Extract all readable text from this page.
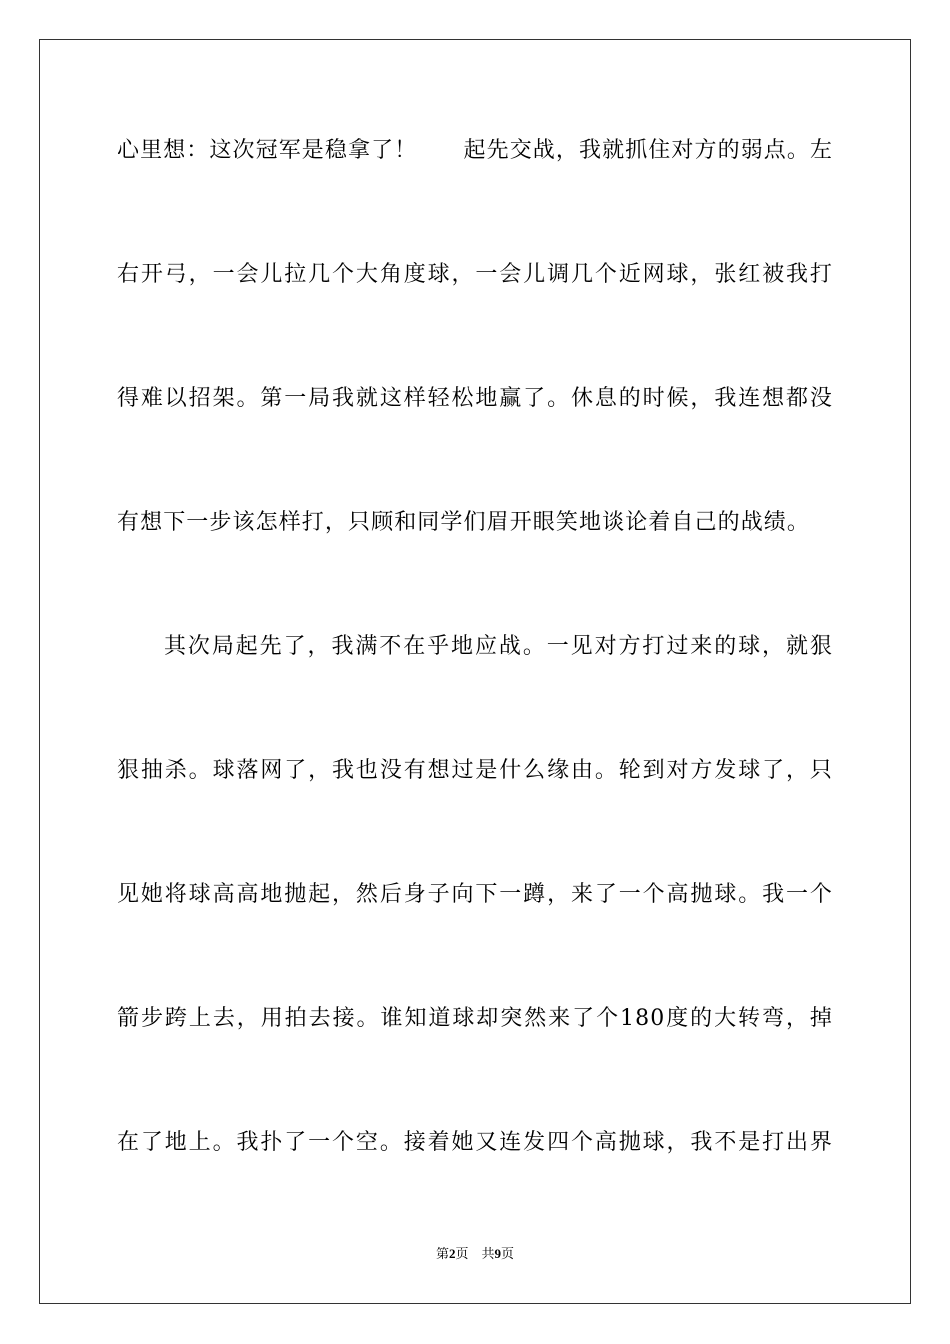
心里想：这次冠军是稳拿了！　　起先交战，我就抓住对方的弱点。左
右开弓，一会儿拉几个大角度球，一会儿调几个近网球，张红被我打
得难以招架。第一局我就这样轻松地赢了。休息的时候，我连想都没
有想下一步该怎样打，只顾和同学们眉开眼笑地谈论着自己的战绩。
其次局起先了，我满不在乎地应战。一见对方打过来的球，就狠
狠抽杀。球落网了，我也没有想过是什么缘由。轮到对方发球了，只
见她将球高高地抛起，然后身子向下一蹲，来了一个高抛球。我一个
箭步跨上去，用拍去接。谁知道球却突然来了个180度的大转弯，掉
在了地上。我扑了一个空。接着她又连发四个高抛球，我不是打出界
第2页　共9页
